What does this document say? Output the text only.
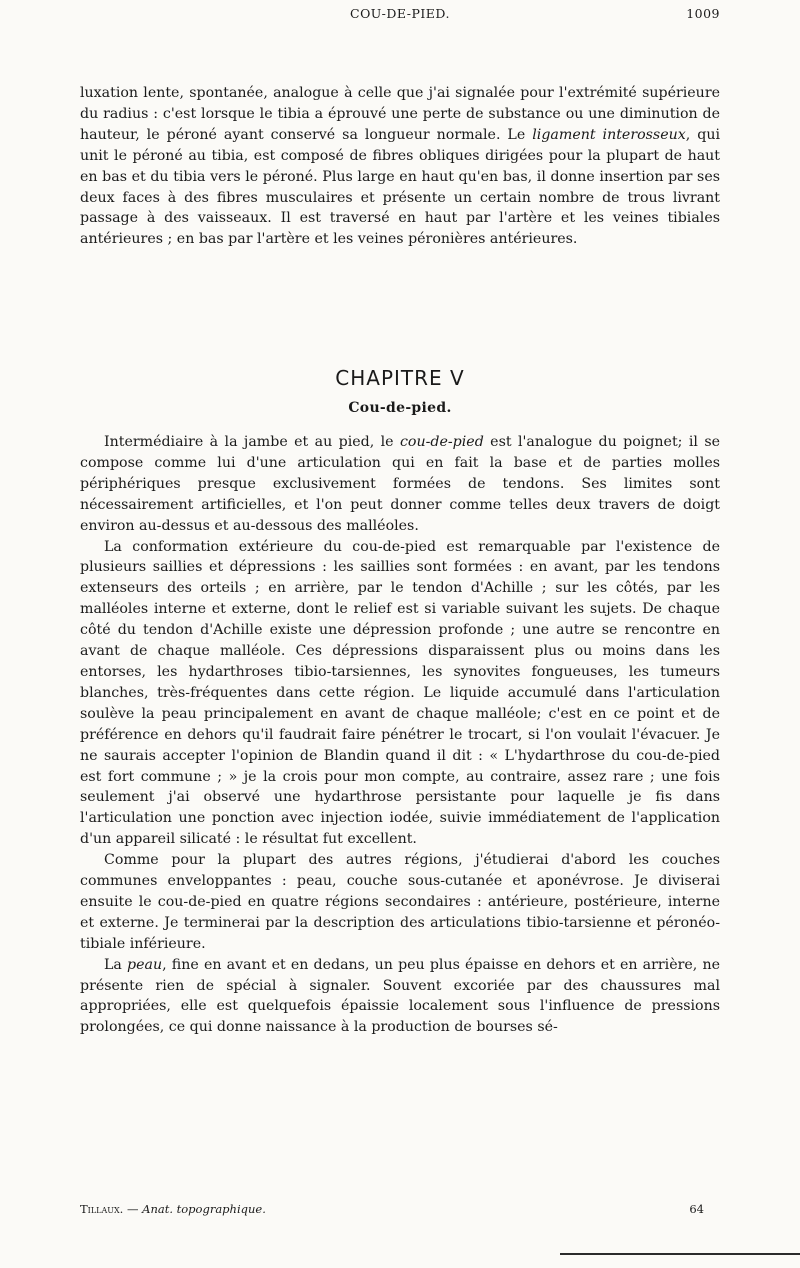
COU-DE-PIED.	1009

luxation lente, spontanée, analogue à celle que j'ai signalée pour l'extrémité supérieure du radius : c'est lorsque le tibia a éprouvé une perte de substance ou une diminution de hauteur, le péroné ayant conservé sa longueur normale. Le ligament interosseux, qui unit le péroné au tibia, est composé de fibres obliques dirigées pour la plupart de haut en bas et du tibia vers le péroné. Plus large en haut qu'en bas, il donne insertion par ses deux faces à des fibres musculaires et présente un certain nombre de trous livrant passage à des vaisseaux. Il est traversé en haut par l'artère et les veines tibiales antérieures ; en bas par l'artère et les veines péronières antérieures.

CHAPITRE V
Cou-de-pied.

Intermédiaire à la jambe et au pied, le cou-de-pied est l'analogue du poignet; il se compose comme lui d'une articulation qui en fait la base et de parties molles périphériques presque exclusivement formées de tendons. Ses limites sont nécessairement artificielles, et l'on peut donner comme telles deux travers de doigt environ au-dessus et au-dessous des malléoles.

La conformation extérieure du cou-de-pied est remarquable par l'existence de plusieurs saillies et dépressions : les saillies sont formées : en avant, par les tendons extenseurs des orteils ; en arrière, par le tendon d'Achille ; sur les côtés, par les malléoles interne et externe, dont le relief est si variable suivant les sujets. De chaque côté du tendon d'Achille existe une dépression profonde ; une autre se rencontre en avant de chaque malléole. Ces dépressions disparaissent plus ou moins dans les entorses, les hydarthroses tibio-tarsiennes, les synovites fongueuses, les tumeurs blanches, très-fréquentes dans cette région. Le liquide accumulé dans l'articulation soulève la peau principalement en avant de chaque malléole; c'est en ce point et de préférence en dehors qu'il faudrait faire pénétrer le trocart, si l'on voulait l'évacuer. Je ne saurais accepter l'opinion de Blandin quand il dit : « L'hydarthrose du cou-de-pied est fort commune ; » je la crois pour mon compte, au contraire, assez rare ; une fois seulement j'ai observé une hydarthrose persistante pour laquelle je fis dans l'articulation une ponction avec injection iodée, suivie immédiatement de l'application d'un appareil silicaté : le résultat fut excellent.

Comme pour la plupart des autres régions, j'étudierai d'abord les couches communes enveloppantes : peau, couche sous-cutanée et aponévrose. Je diviserai ensuite le cou-de-pied en quatre régions secondaires : antérieure, postérieure, interne et externe. Je terminerai par la description des articulations tibio-tarsienne et péronéo-tibiale inférieure.

La peau, fine en avant et en dedans, un peu plus épaisse en dehors et en arrière, ne présente rien de spécial à signaler. Souvent excoriée par des chaussures mal appropriées, elle est quelquefois épaissie localement sous l'influence de pressions prolongées, ce qui donne naissance à la production de bourses sé-

Tillaux. — Anat. topographique.	64
